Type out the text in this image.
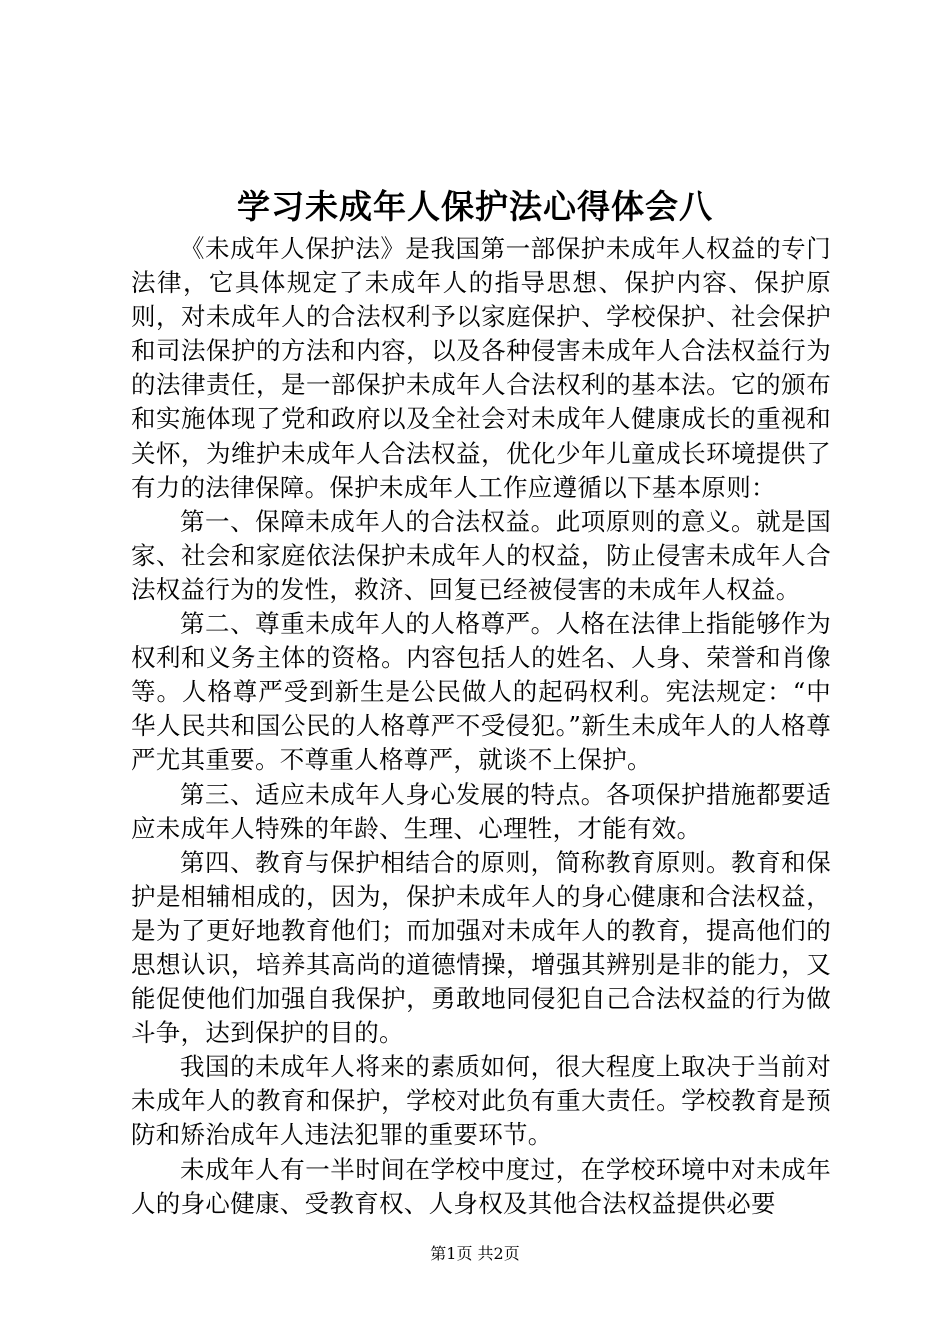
学习未成年人保护法心得体会八

《未成年人保护法》是我国第一部保护未成年人权益的专门法律，它具体规定了未成年人的指导思想、保护内容、保护原则，对未成年人的合法权利予以家庭保护、学校保护、社会保护和司法保护的方法和内容，以及各种侵害未成年人合法权益行为的法律责任，是一部保护未成年人合法权利的基本法。它的颁布和实施体现了党和政府以及全社会对未成年人健康成长的重视和关怀，为维护未成年人合法权益，优化少年儿童成长环境提供了有力的法律保障。保护未成年人工作应遵循以下基本原则：

第一、保障未成年人的合法权益。此项原则的意义。就是国家、社会和家庭依法保护未成年人的权益，防止侵害未成年人合法权益行为的发性，救济、回复已经被侵害的未成年人权益。

第二、尊重未成年人的人格尊严。人格在法律上指能够作为权利和义务主体的资格。内容包括人的姓名、人身、荣誉和肖像等。人格尊严受到新生是公民做人的起码权利。宪法规定：“中华人民共和国公民的人格尊严不受侵犯。”新生未成年人的人格尊严尤其重要。不尊重人格尊严，就谈不上保护。

第三、适应未成年人身心发展的特点。各项保护措施都要适应未成年人特殊的年龄、生理、心理牲，才能有效。

第四、教育与保护相结合的原则，简称教育原则。教育和保护是相辅相成的，因为，保护未成年人的身心健康和合法权益，是为了更好地教育他们；而加强对未成年人的教育，提高他们的思想认识，培养其高尚的道德情操，增强其辨别是非的能力，又能促使他们加强自我保护，勇敢地同侵犯自己合法权益的行为做斗争，达到保护的目的。

我国的未成年人将来的素质如何，很大程度上取决于当前对未成年人的教育和保护，学校对此负有重大责任。学校教育是预防和矫治成年人违法犯罪的重要环节。

未成年人有一半时间在学校中度过，在学校环境中对未成年人的身心健康、受教育权、人身权及其他合法权益提供必要

第1页 共2页
